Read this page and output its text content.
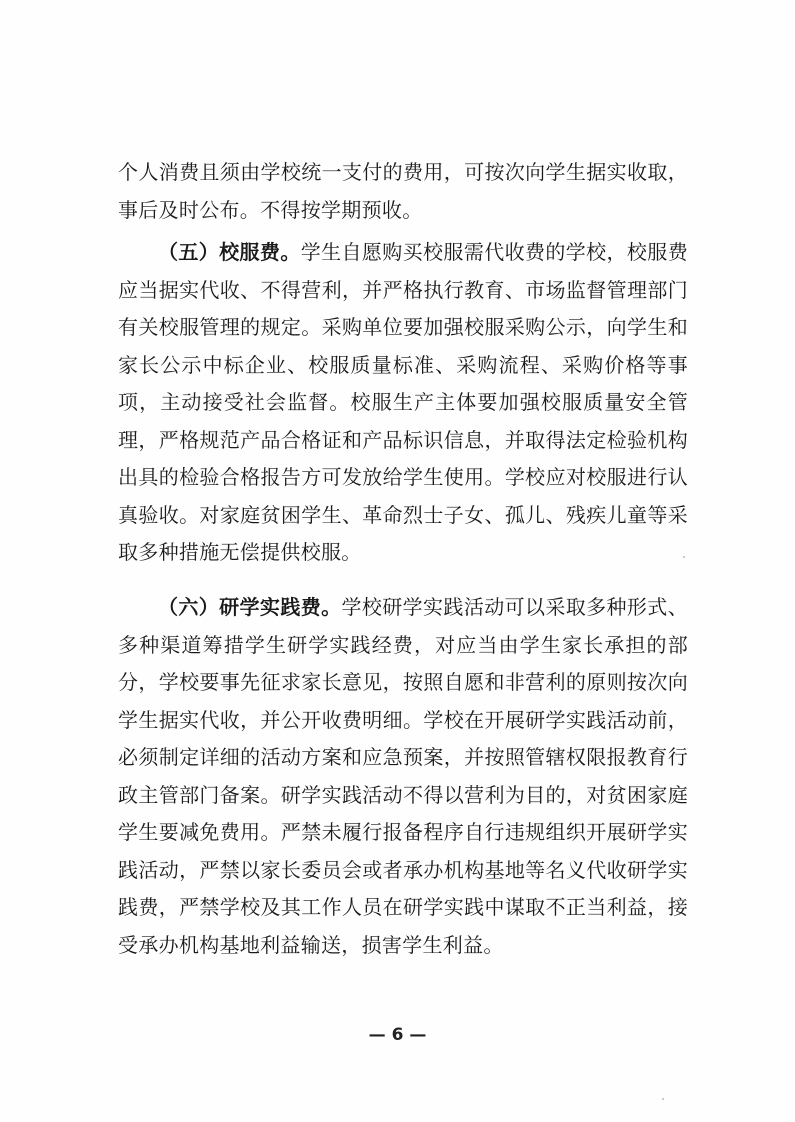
个人消费且须由学校统一支付的费用，可按次向学生据实收取，事后及时公布。不得按学期预收。

（五）校服费。学生自愿购买校服需代收费的学校，校服费应当据实代收、不得营利，并严格执行教育、市场监督管理部门有关校服管理的规定。采购单位要加强校服采购公示，向学生和家长公示中标企业、校服质量标准、采购流程、采购价格等事项，主动接受社会监督。校服生产主体要加强校服质量安全管理，严格规范产品合格证和产品标识信息，并取得法定检验机构出具的检验合格报告方可发放给学生使用。学校应对校服进行认真验收。对家庭贫困学生、革命烈士子女、孤儿、残疾儿童等采取多种措施无偿提供校服。

（六）研学实践费。学校研学实践活动可以采取多种形式、多种渠道筹措学生研学实践经费，对应当由学生家长承担的部分，学校要事先征求家长意见，按照自愿和非营利的原则按次向学生据实代收，并公开收费明细。学校在开展研学实践活动前，必须制定详细的活动方案和应急预案，并按照管辖权限报教育行政主管部门备案。研学实践活动不得以营利为目的，对贫困家庭学生要减免费用。严禁未履行报备程序自行违规组织开展研学实践活动，严禁以家长委员会或者承办机构基地等名义代收研学实践费，严禁学校及其工作人员在研学实践中谋取不正当利益，接受承办机构基地利益输送，损害学生利益。

— 6 —
